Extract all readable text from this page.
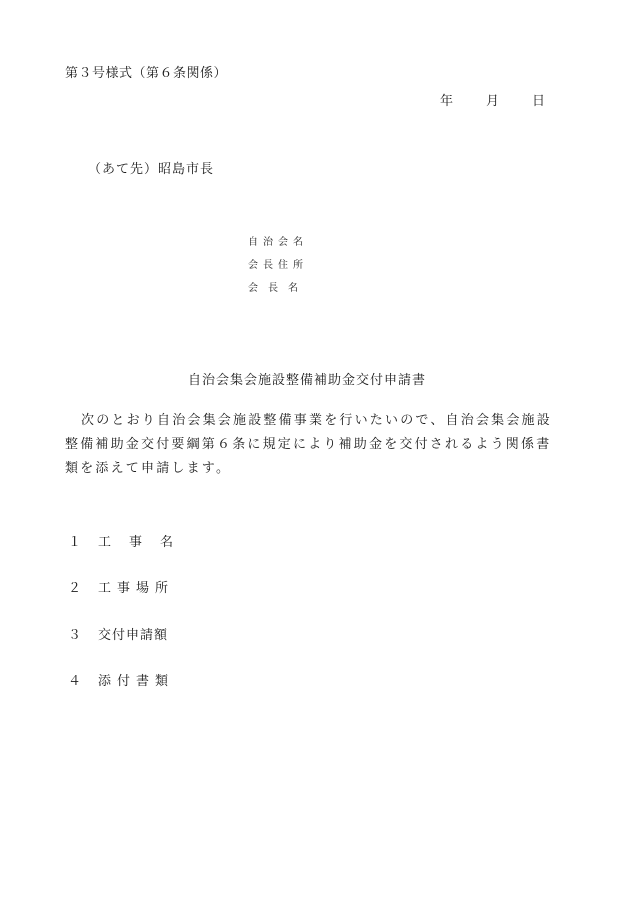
第３号様式（第６条関係）
年	月	日
（あて先）昭島市長
自治会名
会長住所
会　長　名
自治会集会施設整備補助金交付申請書

次のとおり自治会集会施設整備事業を行いたいので、自治会集会施設整備補助金交付要綱第６条に規定により補助金を交付されるよう関係書類を添えて申請します。

１ 工事名
２ 工事場所
３ 交付申請額
４ 添付書類
